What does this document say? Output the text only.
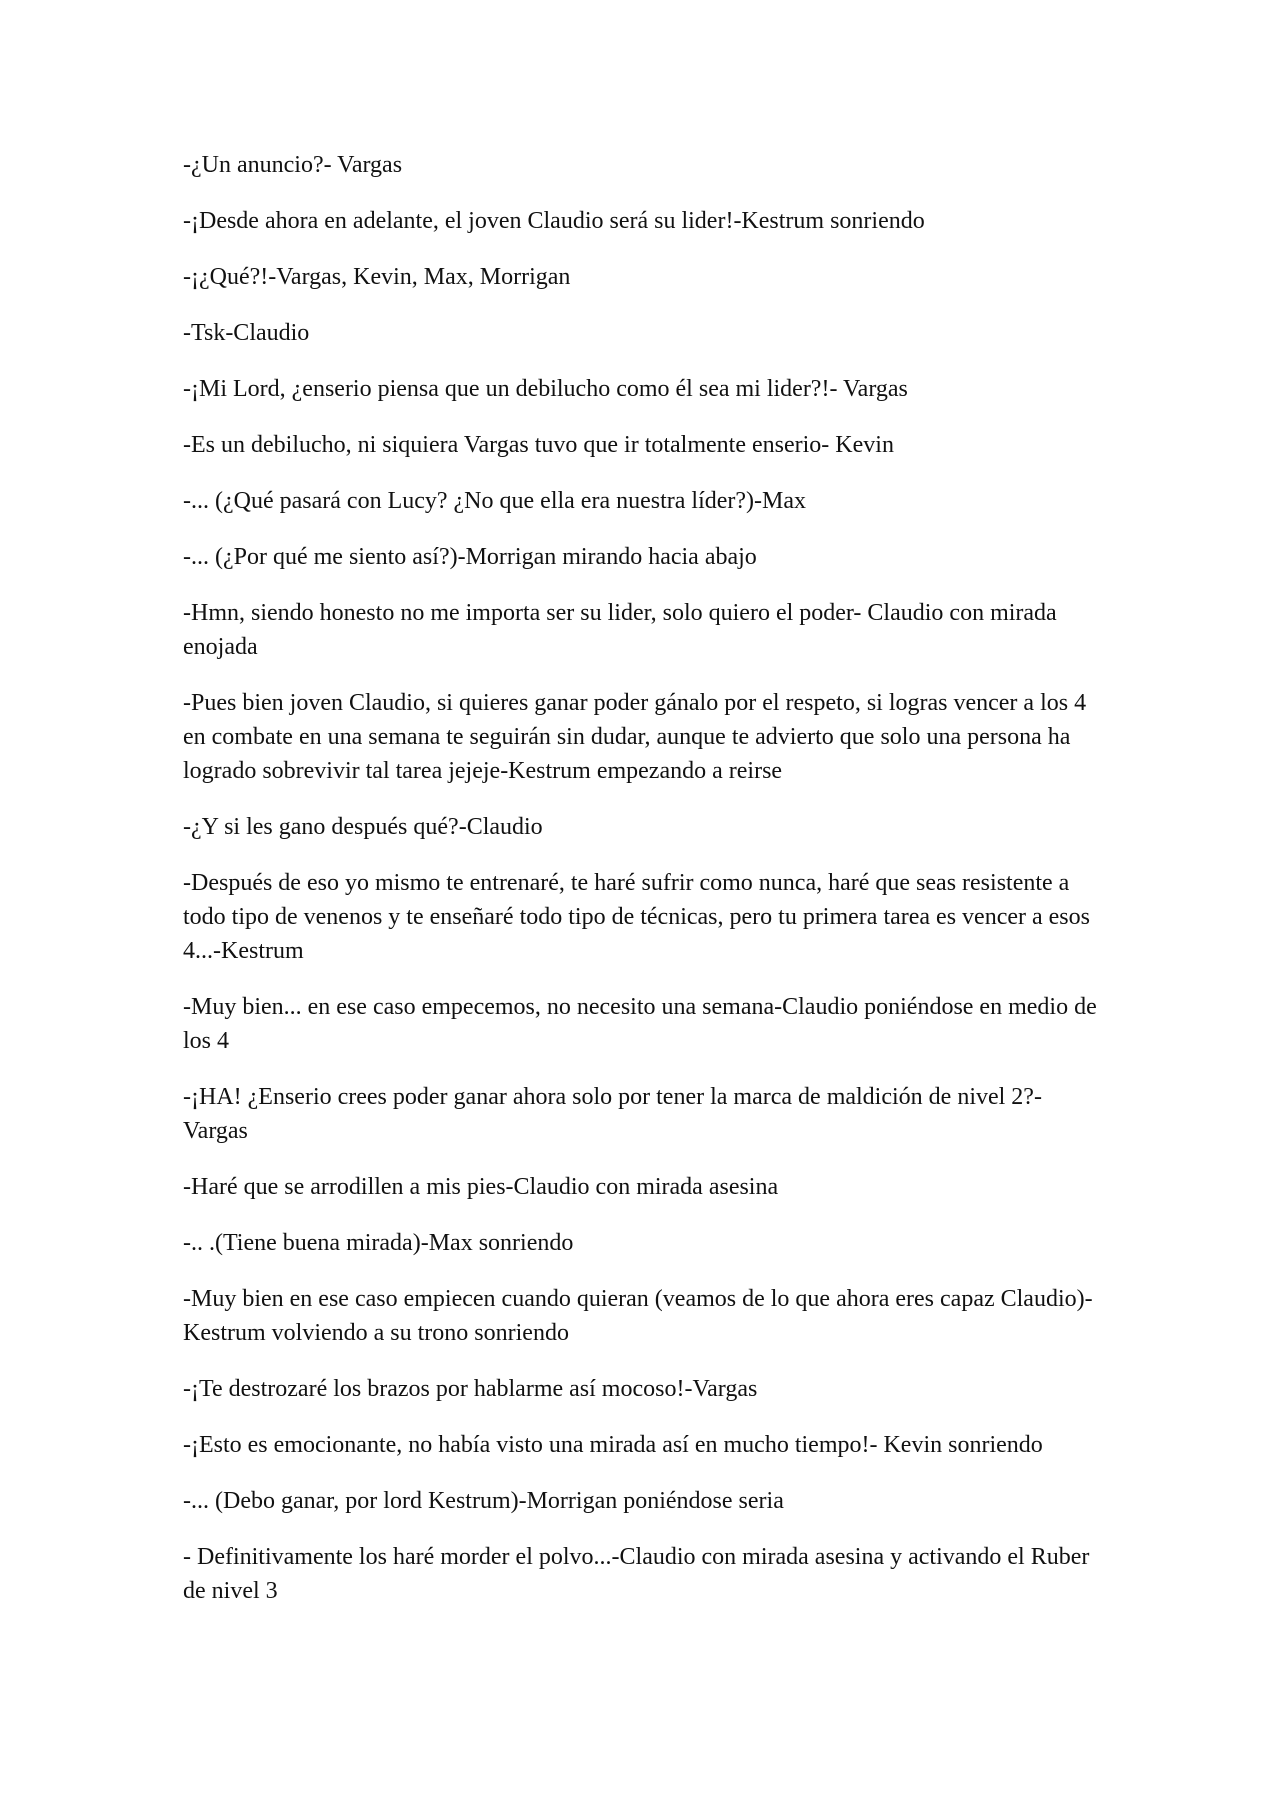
-¿Un anuncio?- Vargas

-¡Desde ahora en adelante, el joven Claudio será su lider!-Kestrum sonriendo

-¡¿Qué?!-Vargas, Kevin, Max, Morrigan

-Tsk-Claudio

-¡Mi Lord, ¿enserio piensa que un debilucho como él sea mi lider?!- Vargas

-Es un debilucho, ni siquiera Vargas tuvo que ir totalmente enserio- Kevin

-... (¿Qué pasará con Lucy? ¿No que ella era nuestra líder?)-Max

-... (¿Por qué me siento así?)-Morrigan mirando hacia abajo

-Hmn, siendo honesto no me importa ser su lider, solo quiero el poder- Claudio con mirada enojada

-Pues bien joven Claudio, si quieres ganar poder gánalo por el respeto, si logras vencer a los 4 en combate en una semana te seguirán sin dudar, aunque te advierto que solo una persona ha logrado sobrevivir tal tarea jejeje-Kestrum empezando a reirse

-¿Y si les gano después qué?-Claudio

-Después de eso yo mismo te entrenaré, te haré sufrir como nunca, haré que seas resistente a todo tipo de venenos y te enseñaré todo tipo de técnicas, pero tu primera tarea es vencer a esos 4...-Kestrum

-Muy bien... en ese caso empecemos, no necesito una semana-Claudio poniéndose en medio de los 4

-¡HA! ¿Enserio crees poder ganar ahora solo por tener la marca de maldición de nivel 2?-Vargas

-Haré que se arrodillen a mis pies-Claudio con mirada asesina

-.. .(Tiene buena mirada)-Max sonriendo

-Muy bien en ese caso empiecen cuando quieran (veamos de lo que ahora eres capaz Claudio)-Kestrum volviendo a su trono sonriendo

-¡Te destrozaré los brazos por hablarme así mocoso!-Vargas

-¡Esto es emocionante, no había visto una mirada así en mucho tiempo!- Kevin sonriendo

-... (Debo ganar, por lord Kestrum)-Morrigan poniéndose seria

- Definitivamente los haré morder el polvo...-Claudio con mirada asesina y activando el Ruber de nivel 3
